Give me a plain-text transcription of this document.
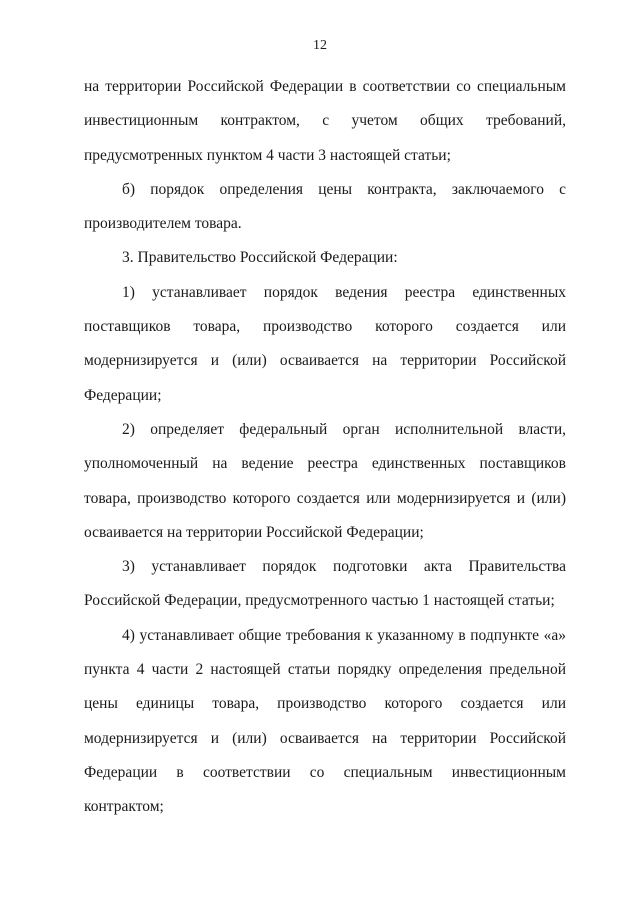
12

на территории Российской Федерации в соответствии со специальным инвестиционным контрактом, с учетом общих требований, предусмотренных пунктом 4 части 3 настоящей статьи;

б) порядок определения цены контракта, заключаемого с производителем товара.

3. Правительство Российской Федерации:

1) устанавливает порядок ведения реестра единственных поставщиков товара, производство которого создается или модернизируется и (или) осваивается на территории Российской Федерации;

2) определяет федеральный орган исполнительной власти, уполномоченный на ведение реестра единственных поставщиков товара, производство которого создается или модернизируется и (или) осваивается на территории Российской Федерации;

3) устанавливает порядок подготовки акта Правительства Российской Федерации, предусмотренного частью 1 настоящей статьи;

4) устанавливает общие требования к указанному в подпункте «а» пункта 4 части 2 настоящей статьи порядку определения предельной цены единицы товара, производство которого создается или модернизируется и (или) осваивается на территории Российской Федерации в соответствии со специальным инвестиционным контрактом;
